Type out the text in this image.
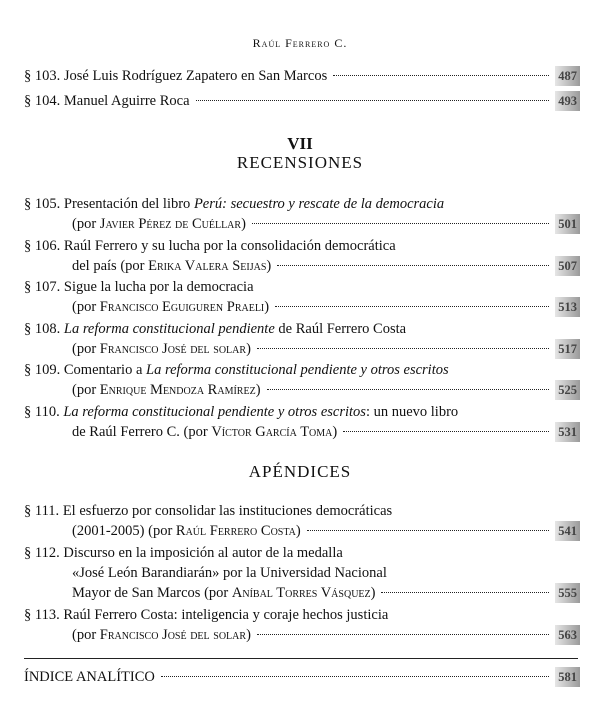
Raúl Ferrero C.
§ 103.
José Luis Rodríguez Zapatero en San Marcos	487
§ 104.
Manuel Aguirre Roca	493
VII
RECENSIONES
§ 105.
Presentación del libro Perú: secuestro y rescate de la democracia
(por Javier Pérez de Cuéllar)	501
§ 106.
Raúl Ferrero y su lucha por la consolidación democrática
del país (por Erika Valera Seijas)	507
§ 107.
Sigue la lucha por la democracia
(por Francisco Eguiguren Praeli)	513
§ 108.
La reforma constitucional pendiente de Raúl Ferrero Costa
(por Francisco José del solar)	517
§ 109.
Comentario a La reforma constitucional pendiente y otros escritos
(por Enrique Mendoza Ramírez)	525
§ 110.
La reforma constitucional pendiente y otros escritos: un nuevo libro
de Raúl Ferrero C. (por Víctor García Toma)	531
APÉNDICES
§ 111.
El esfuerzo por consolidar las instituciones democráticas
(2001-2005) (por Raúl Ferrero Costa)	541
§ 112.
Discurso en la imposición al autor de la medalla
«José León Barandiarán» por la Universidad Nacional
Mayor de San Marcos (por Aníbal Torres Vásquez)	555
§ 113.
Raúl Ferrero Costa: inteligencia y coraje hechos justicia
(por Francisco José del solar)	563
ÍNDICE ANALÍTICO	581
